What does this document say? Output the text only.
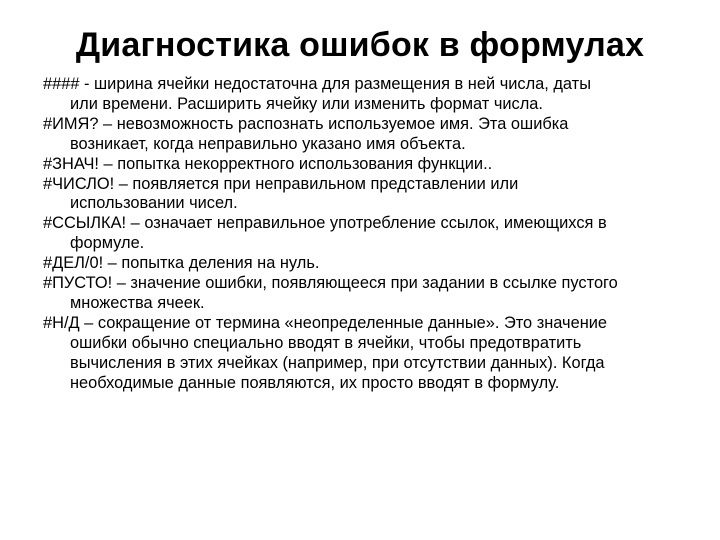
Диагностика ошибок в формулах
#### - ширина ячейки недостаточна для размещения в ней числа, даты
или времени. Расширить ячейку или изменить формат числа.
#ИМЯ? – невозможность распознать используемое имя. Эта ошибка
возникает, когда неправильно указано имя объекта.
#ЗНАЧ! – попытка некорректного использования функции..
#ЧИСЛО! – появляется при неправильном представлении или
использовании чисел.
#ССЫЛКА! – означает неправильное употребление ссылок, имеющихся в
формуле.
#ДЕЛ/0! – попытка деления на нуль.
#ПУСТО! – значение ошибки, появляющееся при задании в ссылке пустого
множества ячеек.
#Н/Д – сокращение от термина «неопределенные данные». Это значение
ошибки обычно специально вводят в ячейки, чтобы предотвратить
вычисления в этих ячейках (например, при отсутствии данных). Когда
необходимые данные появляются, их просто вводят в формулу.
